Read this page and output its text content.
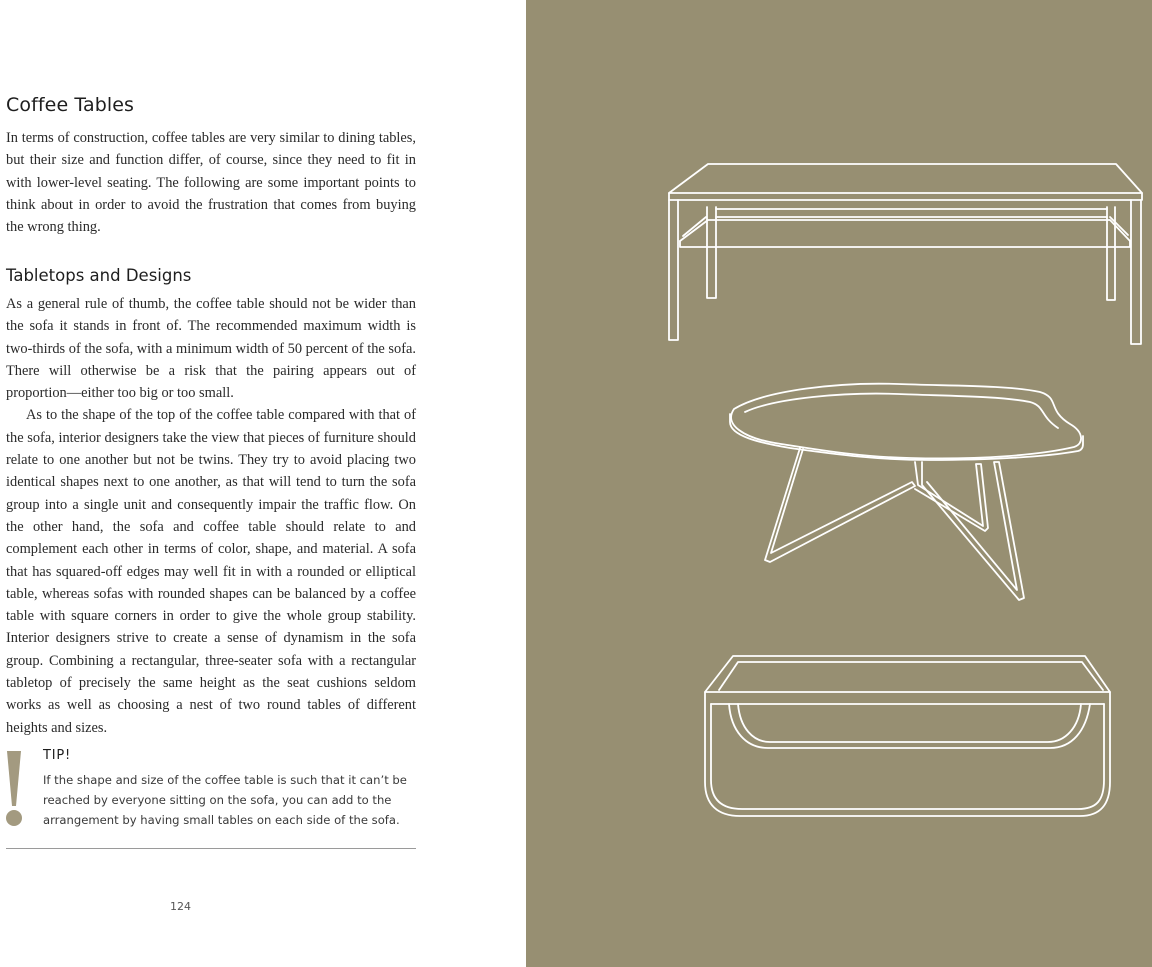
Coffee Tables

In terms of construction, coffee tables are very similar to dining tables, but their size and function differ, of course, since they need to fit in with lower-level seating. The following are some important points to think about in order to avoid the frustration that comes from buying the wrong thing.

Tabletops and Designs

As a general rule of thumb, the coffee table should not be wider than the sofa it stands in front of. The recommended maximum width is two-thirds of the sofa, with a minimum width of 50 percent of the sofa. There will otherwise be a risk that the pairing appears out of proportion—either too big or too small.

As to the shape of the top of the coffee table compared with that of the sofa, interior designers take the view that pieces of furniture should relate to one another but not be twins. They try to avoid placing two identical shapes next to one another, as that will tend to turn the sofa group into a single unit and consequently impair the traffic flow. On the other hand, the sofa and coffee table should relate to and complement each other in terms of color, shape, and material. A sofa that has squared-off edges may well fit in with a rounded or elliptical table, whereas sofas with rounded shapes can be balanced by a coffee table with square corners in order to give the whole group stability. Interior designers strive to create a sense of dynamism in the sofa group. Combining a rectangular, three-seater sofa with a rectangular tabletop of precisely the same height as the seat cushions seldom works as well as choosing a nest of two round tables of different heights and sizes.

TIP!

If the shape and size of the coffee table is such that it can’t be reached by everyone sitting on the sofa, you can add to the arrangement by having small tables on each side of the sofa.

124
